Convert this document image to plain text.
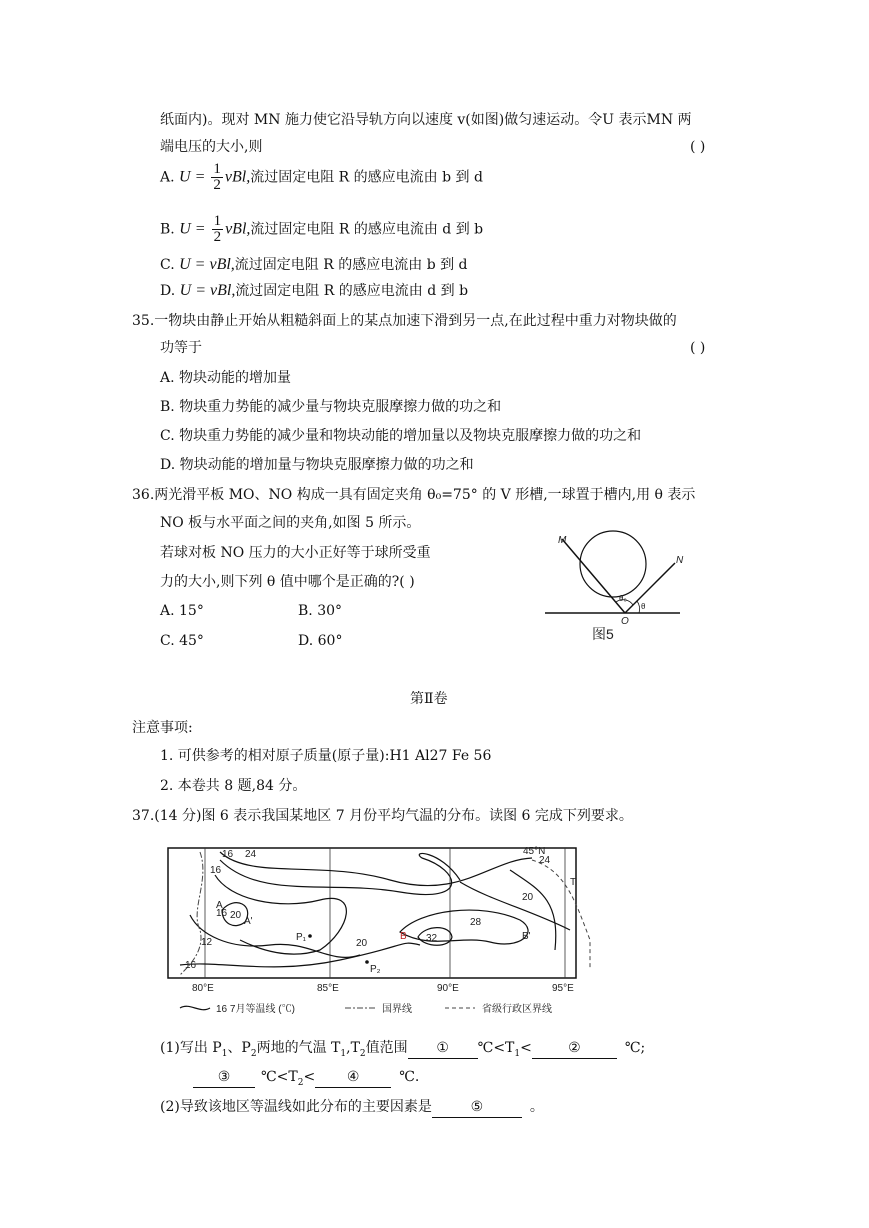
纸面内)。现对 MN 施力使它沿导轨方向以速度 v(如图)做匀速运动。令U 表示MN 两
端电压的大小,则	( )
A. $U = \frac{1}{2}$ vBl,流过固定电阻 R 的感应电流由 b 到 d
B. $U = \frac{1}{2}$ vBl,流过固定电阻 R 的感应电流由 d 到 b
C. U = vBl,流过固定电阻 R 的感应电流由 b 到 d
D. U = vBl,流过固定电阻 R 的感应电流由 d 到 b
35.一物块由静止开始从粗糙斜面上的某点加速下滑到另一点,在此过程中重力对物块做的
功等于	( )
A. 物块动能的增加量
B. 物块重力势能的减少量与物块克服摩擦力做的功之和
C. 物块重力势能的减少量和物块动能的增加量以及物块克服摩擦力做的功之和
D. 物块动能的增加量与物块克服摩擦力做的功之和
36.两光滑平板 MO、NO 构成一具有固定夹角 θ₀=75° 的 V 形槽,一球置于槽内,用 θ 表示
NO 板与水平面之间的夹角,如图 5 所示。
若球对板 NO 压力的大小正好等于球所受重
力的大小,则下列 θ 值中哪个是正确的?( )
A. 15°	B. 30°
C. 45°	D. 60°
M
N
O
θ₀
θ
图5
第Ⅱ卷
注意事项:
1. 可供参考的相对原子质量(原子量):H1 Al27 Fe 56
2. 本卷共 8 题,84 分。
37.(14 分)图 6 表示我国某地区 7 月份平均气温的分布。读图 6 完成下列要求。
16 24
16
16 20
12
16
20
28
32
20
24
A'
A
B	B'
P₁
P₂
T
45°N
80°E	85°E	90°E	95°E
16 7月等温线 (℃)	国界线	省级行政区界线
(1)写出 $P_1$、$P_2$两地的气温 $T_1,T_2$值范围 ① $℃<T_1<$	②	℃;
③ $℃<T_2<$ ④	℃.
(2)导致该地区等温线如此分布的主要因素是	⑤	。
